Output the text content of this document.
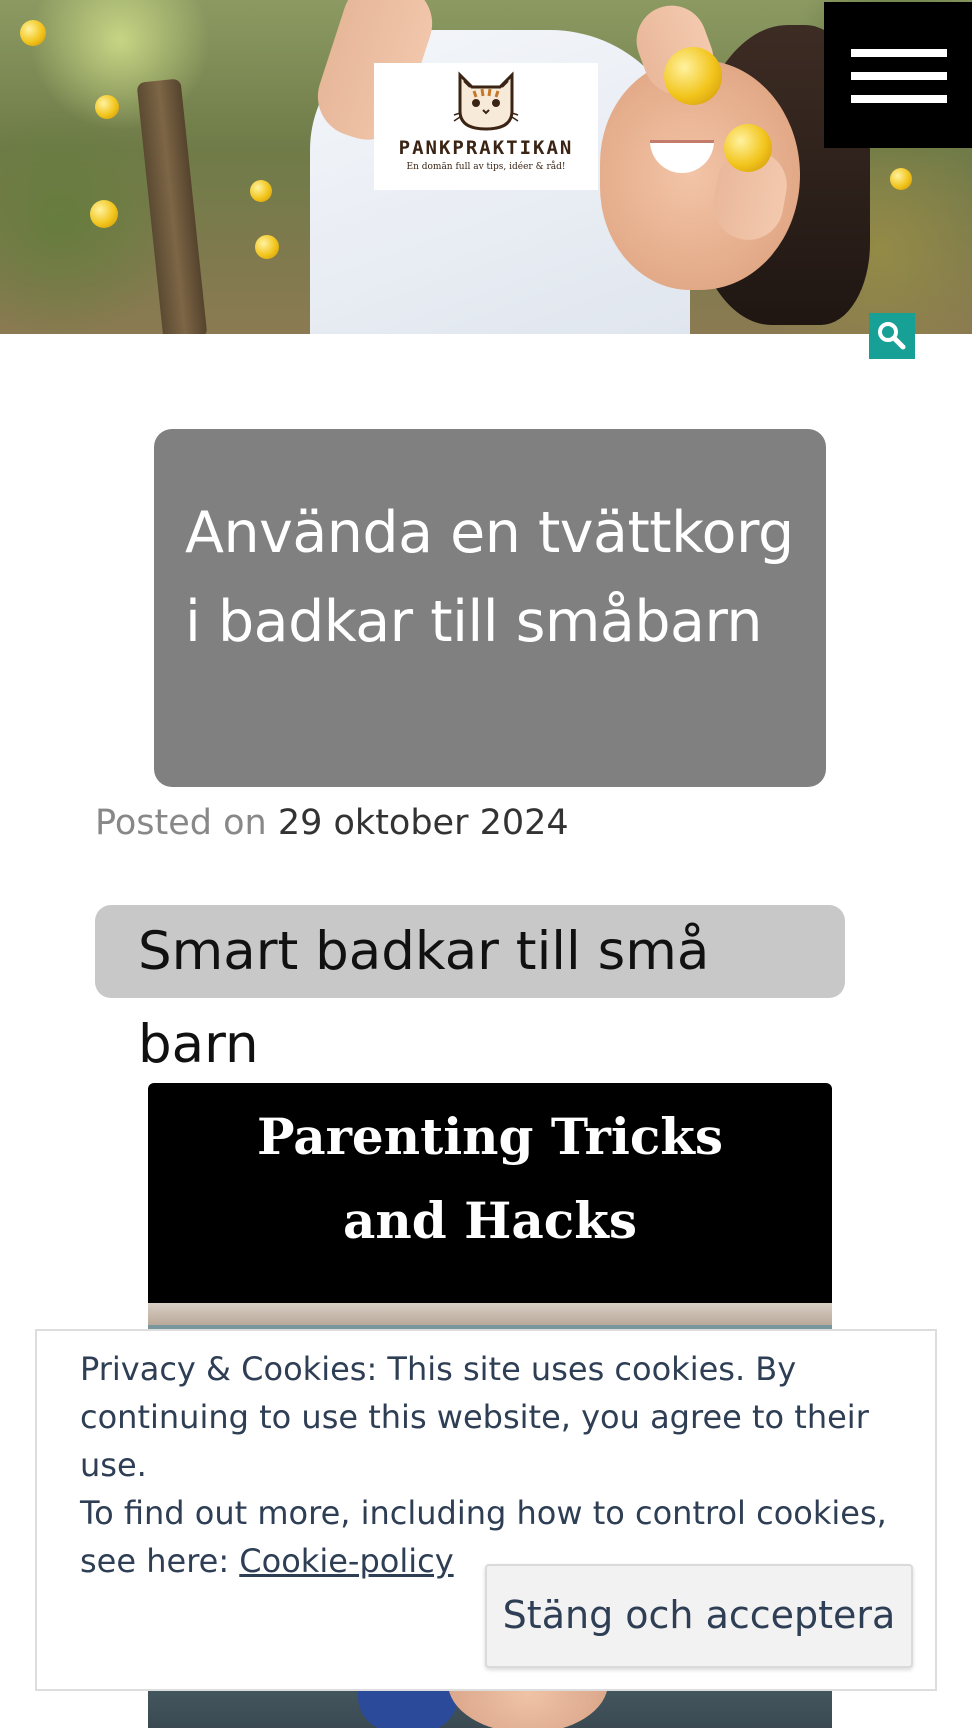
PANKPRAKTIKAN
En domän full av tips, idéer & råd!
Använda en tvättkorg i badkar till småbarn
Posted on 29 oktober 2024
Smart badkar till små barn
Parenting Tricks
and Hacks

Privacy & Cookies: This site uses cookies. By continuing to use this website, you agree to their use.

To find out more, including how to control cookies, see here: Cookie-policy

Stäng och acceptera
